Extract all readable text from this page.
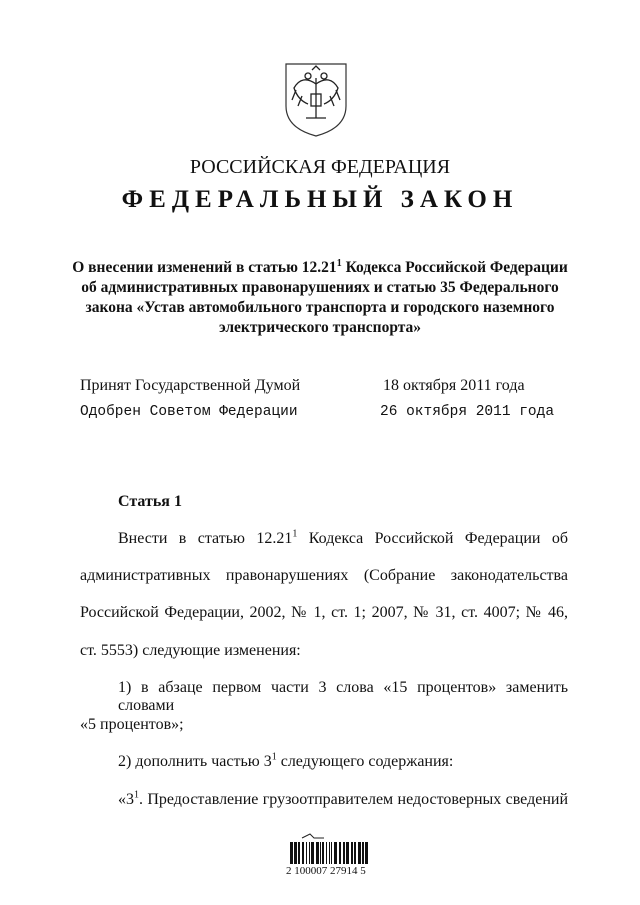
РОССИЙСКАЯ ФЕДЕРАЦИЯ
ФЕДЕРАЛЬНЫЙ ЗАКОН
О внесении изменений в статью 12.21$^1$ Кодекса Российской Федерации
об административных правонарушениях и статью 35 Федерального
закона «Устав автомобильного транспорта и городского наземного
электрического транспорта»
Принят Государственной Думой	18 октября 2011 года
Одобрен Советом Федерации	26 октября 2011 года
Статья 1
Внести в статью 12.21$^1$ Кодекса Российской Федерации об
административных правонарушениях (Собрание законодательства
Российской Федерации, 2002, № 1, ст. 1; 2007, № 31, ст. 4007; № 46,
ст. 5553) следующие изменения:
1) в абзаце первом части 3 слова «15 процентов» заменить словами
«5 процентов»;
2) дополнить частью $3^1$ следующего содержания:
«$3^1$. Предоставление грузоотправителем недостоверных сведений
2 100007 27914 5
